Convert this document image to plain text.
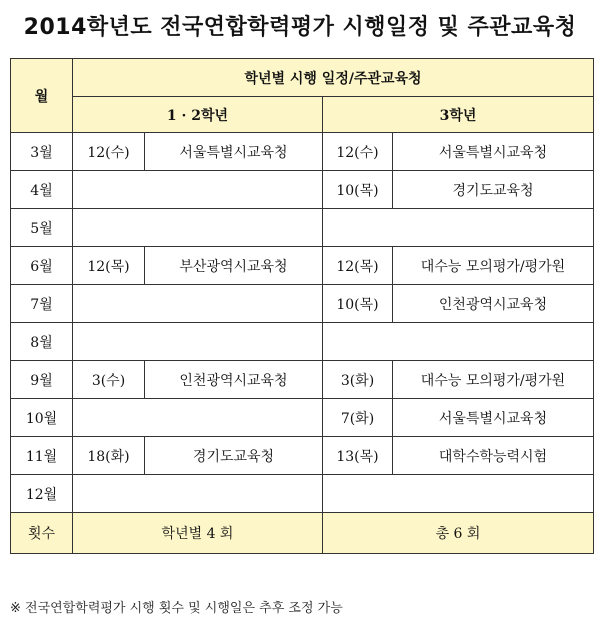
2014학년도 전국연합학력평가 시행일정 및 주관교육청
월	학년별 시행 일정/주관교육청			
	1 · 2학년		3학년	
3월	12(수)	서울특별시교육청	12(수)	서울특별시교육청
4월			10(목)	경기도교육청
5월				
6월	12(목)	부산광역시교육청	12(목)	대수능 모의평가/평가원
7월			10(목)	인천광역시교육청
8월				
9월	3(수)	인천광역시교육청	3(화)	대수능 모의평가/평가원
10월			7(화)	서울특별시교육청
11월	18(화)	경기도교육청	13(목)	대학수학능력시험
12월				
횟수	학년별 4 회		총 6 회	
※ 전국연합학력평가 시행 횟수 및 시행일은 추후 조정 가능
